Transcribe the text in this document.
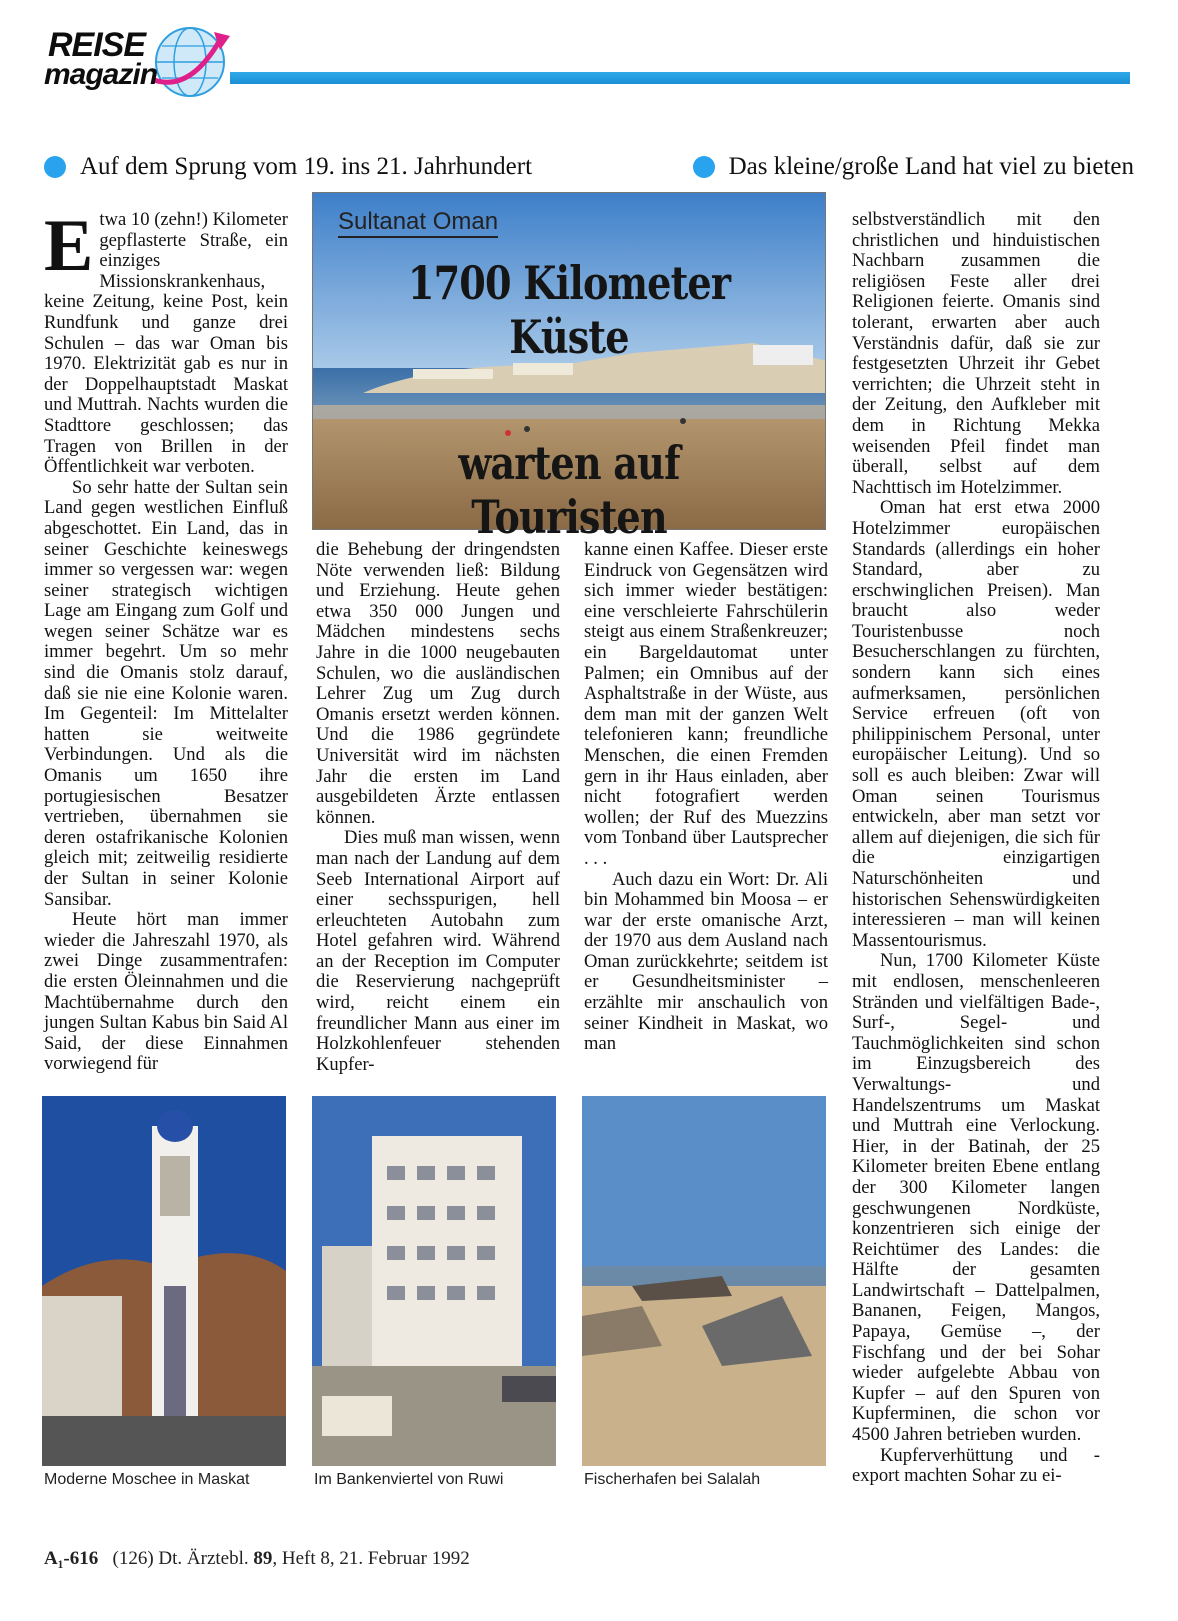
REISE
magazin
Auf dem Sprung vom 19. ins 21. Jahrhundert	Das kleine/große Land hat viel zu bieten
Sultanat Oman
1700 Kilometer Küste
warten auf Touristen

Etwa 10 (zehn!) Kilometer gepflasterte Straße, ein einziges Missionskrankenhaus, keine Zeitung, keine Post, kein Rundfunk und ganze drei Schulen – das war Oman bis 1970. Elektrizität gab es nur in der Doppelhauptstadt Maskat und Muttrah. Nachts wurden die Stadttore geschlossen; das Tragen von Brillen in der Öffentlichkeit war verboten.

So sehr hatte der Sultan sein Land gegen westlichen Einfluß abgeschottet. Ein Land, das in seiner Geschichte keineswegs immer so vergessen war: wegen seiner strategisch wichtigen Lage am Eingang zum Golf und wegen seiner Schätze war es immer begehrt. Um so mehr sind die Omanis stolz darauf, daß sie nie eine Kolonie waren. Im Gegenteil: Im Mittelalter hatten sie weitweite Verbindungen. Und als die Omanis um 1650 ihre portugiesischen Besatzer vertrieben, übernahmen sie deren ostafrikanische Kolonien gleich mit; zeitweilig residierte der Sultan in seiner Kolonie Sansibar.

Heute hört man immer wieder die Jahreszahl 1970, als zwei Dinge zusammentrafen: die ersten Öleinnahmen und die Machtübernahme durch den jungen Sultan Kabus bin Said Al Said, der diese Einnahmen vorwiegend für

die Behebung der dringendsten Nöte verwenden ließ: Bildung und Erziehung. Heute gehen etwa 350 000 Jungen und Mädchen mindestens sechs Jahre in die 1000 neugebauten Schulen, wo die ausländischen Lehrer Zug um Zug durch Omanis ersetzt werden können. Und die 1986 gegründete Universität wird im nächsten Jahr die ersten im Land ausgebildeten Ärzte entlassen können.

Dies muß man wissen, wenn man nach der Landung auf dem Seeb International Airport auf einer sechsspurigen, hell erleuchteten Autobahn zum Hotel gefahren wird. Während an der Reception im Computer die Reservierung nachgeprüft wird, reicht einem ein freundlicher Mann aus einer im Holzkohlenfeuer stehenden Kupfer-

kanne einen Kaffee. Dieser erste Eindruck von Gegensätzen wird sich immer wieder bestätigen: eine verschleierte Fahrschülerin steigt aus einem Straßenkreuzer; ein Bargeldautomat unter Palmen; ein Omnibus auf der Asphaltstraße in der Wüste, aus dem man mit der ganzen Welt telefonieren kann; freundliche Menschen, die einen Fremden gern in ihr Haus einladen, aber nicht fotografiert werden wollen; der Ruf des Muezzins vom Tonband über Lautsprecher . . .

Auch dazu ein Wort: Dr. Ali bin Mohammed bin Moosa – er war der erste omanische Arzt, der 1970 aus dem Ausland nach Oman zurückkehrte; seitdem ist er Gesundheitsminister – erzählte mir anschaulich von seiner Kindheit in Maskat, wo man

selbstverständlich mit den christlichen und hinduistischen Nachbarn zusammen die religiösen Feste aller drei Religionen feierte. Omanis sind tolerant, erwarten aber auch Verständnis dafür, daß sie zur festgesetzten Uhrzeit ihr Gebet verrichten; die Uhrzeit steht in der Zeitung, den Aufkleber mit dem in Richtung Mekka weisenden Pfeil findet man überall, selbst auf dem Nachttisch im Hotelzimmer.

Oman hat erst etwa 2000 Hotelzimmer europäischen Standards (allerdings ein hoher Standard, aber zu erschwinglichen Preisen). Man braucht also weder Touristenbusse noch Besucherschlangen zu fürchten, sondern kann sich eines aufmerksamen, persönlichen Service erfreuen (oft von philippinischem Personal, unter europäischer Leitung). Und so soll es auch bleiben: Zwar will Oman seinen Tourismus entwickeln, aber man setzt vor allem auf diejenigen, die sich für die einzigartigen Naturschönheiten und historischen Sehenswürdigkeiten interessieren – man will keinen Massentourismus.

Nun, 1700 Kilometer Küste mit endlosen, menschenleeren Stränden und vielfältigen Bade-, Surf-, Segel- und Tauchmöglichkeiten sind schon im Einzugsbereich des Verwaltungs- und Handelszentrums um Maskat und Muttrah eine Verlockung. Hier, in der Batinah, der 25 Kilometer breiten Ebene entlang der 300 Kilometer langen geschwungenen Nordküste, konzentrieren sich einige der Reichtümer des Landes: die Hälfte der gesamten Landwirtschaft – Dattelpalmen, Bananen, Feigen, Mangos, Papaya, Gemüse –, der Fischfang und der bei Sohar wieder aufgelebte Abbau von Kupfer – auf den Spuren von Kupferminen, die schon vor 4500 Jahren betrieben wurden.

Kupferverhüttung und -export machten Sohar zu ei-

Moderne Moschee in Maskat	Im Bankenviertel von Ruwi	Fischerhafen bei Salalah
A₁-616 (126) Dt. Ärztebl. 89, Heft 8, 21. Februar 1992
